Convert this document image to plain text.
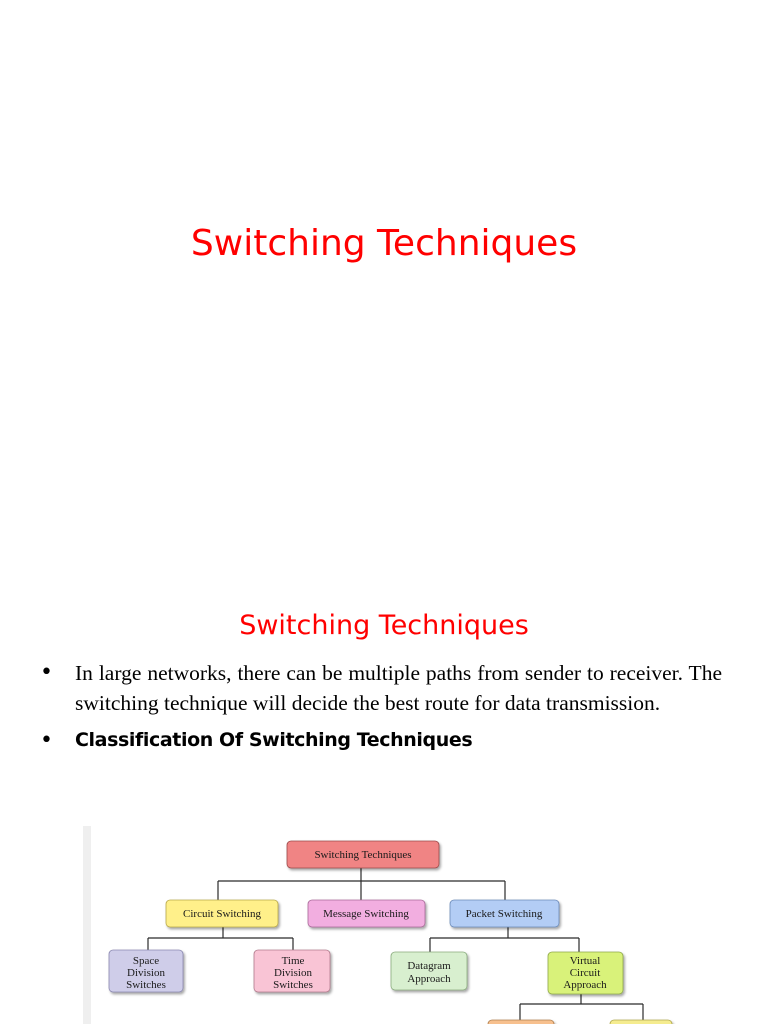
Switching Techniques
Switching Techniques
• In large networks, there can be multiple paths from sender to receiver. The switching technique will decide the best route for data transmission.
• Classification Of Switching Techniques
Switching Techniques
Circuit Switching	Message Switching	Packet Switching
Space
Division
Switches
Time
Division
Switches
Datagram
Approach
Virtual
Circuit
Approach
